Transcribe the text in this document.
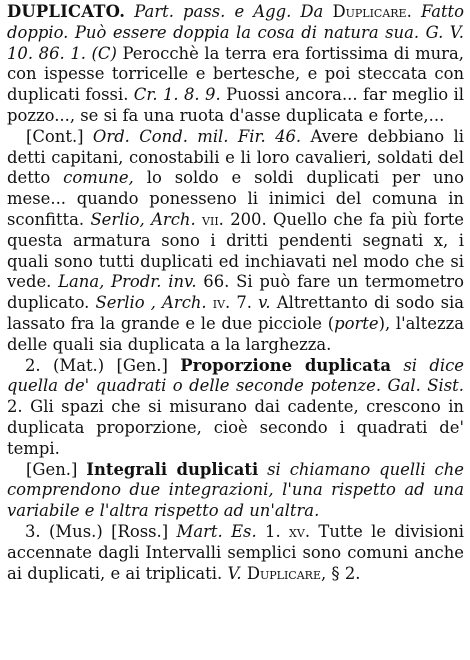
DUPLICATO. Part. pass. e Agg. Da Duplicare. Fatto doppio. Può essere doppia la cosa di natura sua. G. V. 10. 86. 1. (C) Perocchè la terra era fortissima di mura, con ispesse torricelle e bertesche, e poi steccata con duplicati fossi. Cr. 1. 8. 9. Puossi ancora... far meglio il pozzo..., se si fa una ruota d'asse duplicata e forte,...

[Cont.] Ord. Cond. mil. Fir. 46. Avere debbiano li detti capitani, conostabili e li loro cavalieri, soldati del detto comune, lo soldo e soldi duplicati per uno mese... quando ponesseno li inimici del comuna in sconfitta. Serlio, Arch. vii. 200. Quello che fa più forte questa armatura sono i dritti pendenti segnati x, i quali sono tutti duplicati ed inchiavati nel modo che si vede. Lana, Prodr. inv. 66. Si può fare un termometro duplicato. Serlio , Arch. iv. 7. v. Altrettanto di sodo sia lassato fra la grande e le due picciole (porte), l'altezza delle quali sia duplicata a la larghezza.

2. (Mat.) [Gen.] Proporzione duplicata si dice quella de' quadrati o delle seconde potenze. Gal. Sist. 2. Gli spazi che si misurano dai cadente, crescono in duplicata proporzione, cioè secondo i quadrati de' tempi.

[Gen.] Integrali duplicati si chiamano quelli che comprendono due integrazioni, l'una rispetto ad una variabile e l'altra rispetto ad un'altra.

3. (Mus.) [Ross.] Mart. Es. 1. xv. Tutte le divisioni accennate dagli Intervalli semplici sono comuni anche ai duplicati, e ai triplicati. V. Duplicare, § 2.
